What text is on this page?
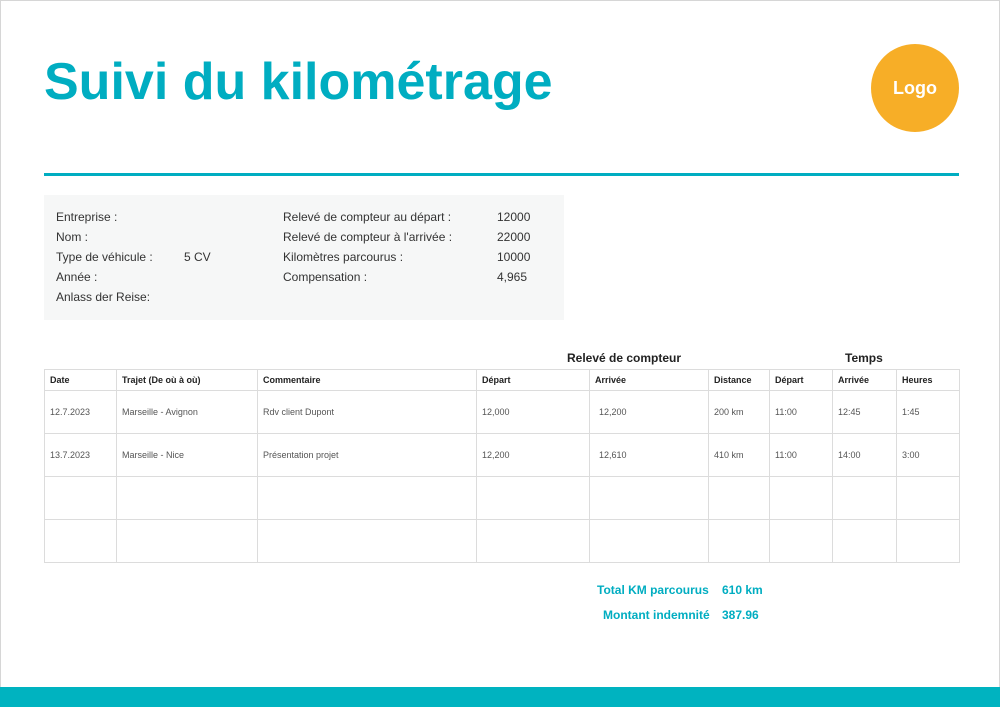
Suivi du kilométrage	Logo
Entreprise :
Nom :
Type de véhicule :	5 CV
Année :
Anlass der Reise:
Relevé de compteur au départ :	12000
Relevé de compteur à l'arrivée :	22000
Kilomètres parcourus :	10000
Compensation :	4,965
Relevé de compteur	Temps
Date	Trajet (De où à où)	Commentaire	Départ	Arrivée	Distance	Départ	Arrivée	Heures
12.7.2023	Marseille - Avignon	Rdv client Dupont	12,000	12,200	200 km	11:00	12:45	1:45
13.7.2023	Marseille - Nice	Présentation projet	12,200	12,610	410 km	11:00	14:00	3:00

Total KM parcourus 610 km
Montant indemnité 387.96
